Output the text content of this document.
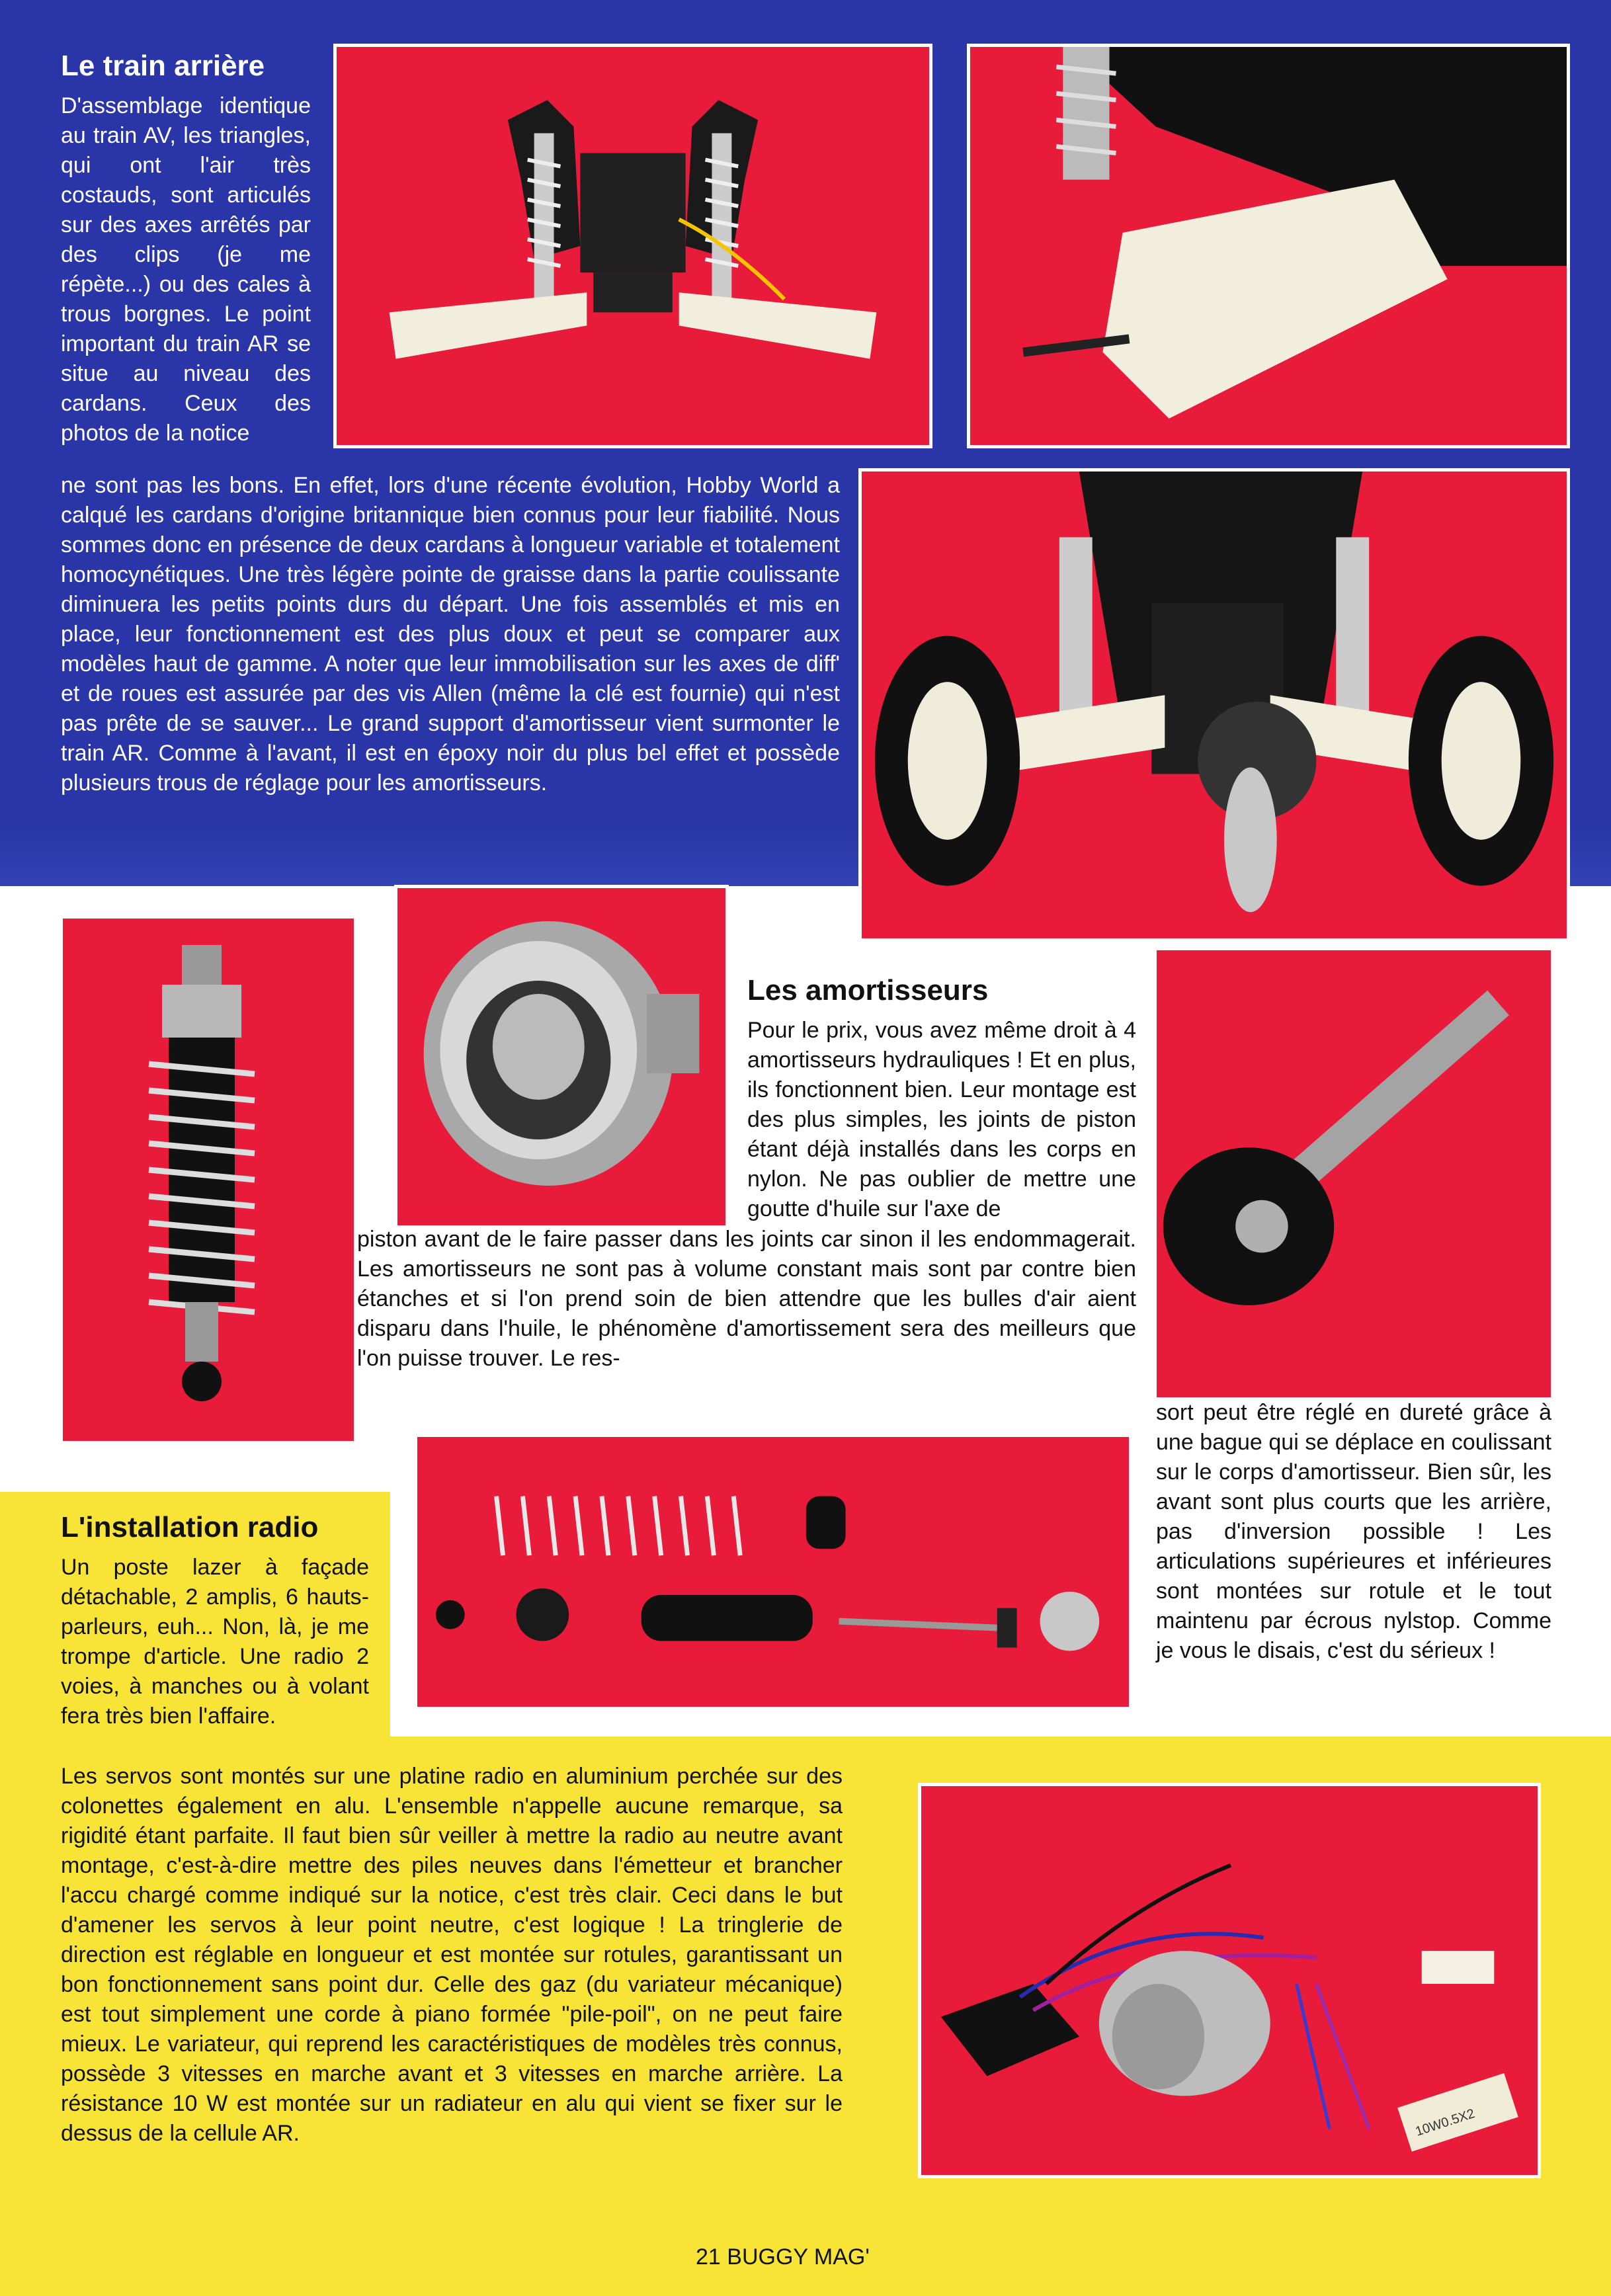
Le train arrière
D'assemblage identique au train AV, les triangles, qui ont l'air très costauds, sont articulés sur des axes arrêtés par des clips (je me répète...) ou des cales à trous borgnes. Le point important du train AR se situe au niveau des cardans. Ceux des photos de la notice
ne sont pas les bons. En effet, lors d'une récente évolution, Hobby World a calqué les cardans d'origine britannique bien connus pour leur fiabilité. Nous sommes donc en présence de deux cardans à longueur variable et totalement homocynétiques. Une très légère pointe de graisse dans la partie coulissante diminuera les petits points durs du départ. Une fois assemblés et mis en place, leur fonctionnement est des plus doux et peut se comparer aux modèles haut de gamme. A noter que leur immobilisation sur les axes de diff' et de roues est assurée par des vis Allen (même la clé est fournie) qui n'est pas prête de se sauver... Le grand support d'amortisseur vient surmonter le train AR. Comme à l'avant, il est en époxy noir du plus bel effet et possède plusieurs trous de réglage pour les amortisseurs.
Les amortisseurs
Pour le prix, vous avez même droit à 4 amortisseurs hydrauliques ! Et en plus, ils fonctionnent bien. Leur montage est des plus simples, les joints de piston étant déjà installés dans les corps en nylon. Ne pas oublier de mettre une goutte d'huile sur l'axe de
piston avant de le faire passer dans les joints car sinon il les endommagerait. Les amortisseurs ne sont pas à volume constant mais sont par contre bien étanches et si l'on prend soin de bien attendre que les bulles d'air aient disparu dans l'huile, le phénomène d'amortissement sera des meilleurs que l'on puisse trouver. Le res-
sort peut être réglé en dureté grâce à une bague qui se déplace en coulissant sur le corps d'amortisseur. Bien sûr, les avant sont plus courts que les arrière, pas d'inversion possible ! Les articulations supérieures et inférieures sont montées sur rotule et le tout maintenu par écrous nylstop. Comme je vous le disais, c'est du sérieux !
L'installation radio
Un poste lazer à façade détachable, 2 amplis, 6 hauts- parleurs, euh... Non, là, je me trompe d'article. Une radio 2 voies, à manches ou à volant fera très bien l'affaire.
Les servos sont montés sur une platine radio en aluminium perchée sur des colonettes également en alu. L'ensemble n'appelle aucune remarque, sa rigidité étant parfaite. Il faut bien sûr veiller à mettre la radio au neutre avant montage, c'est-à-dire mettre des piles neuves dans l'émetteur et brancher l'accu chargé comme indiqué sur la notice, c'est très clair. Ceci dans le but d'amener les servos à leur point neutre, c'est logique ! La tringlerie de direction est réglable en longueur et est montée sur rotules, garantissant un bon fonctionnement sans point dur. Celle des gaz (du variateur mécanique) est tout simplement une corde à piano formée "pile-poil", on ne peut faire mieux. Le variateur, qui reprend les caractéristiques de modèles très connus, possède 3 vitesses en marche avant et 3 vitesses en marche arrière. La résistance 10 W est montée sur un radiateur en alu qui vient se fixer sur le dessus de la cellule AR.	10W0.5X2
21 BUGGY MAG'
